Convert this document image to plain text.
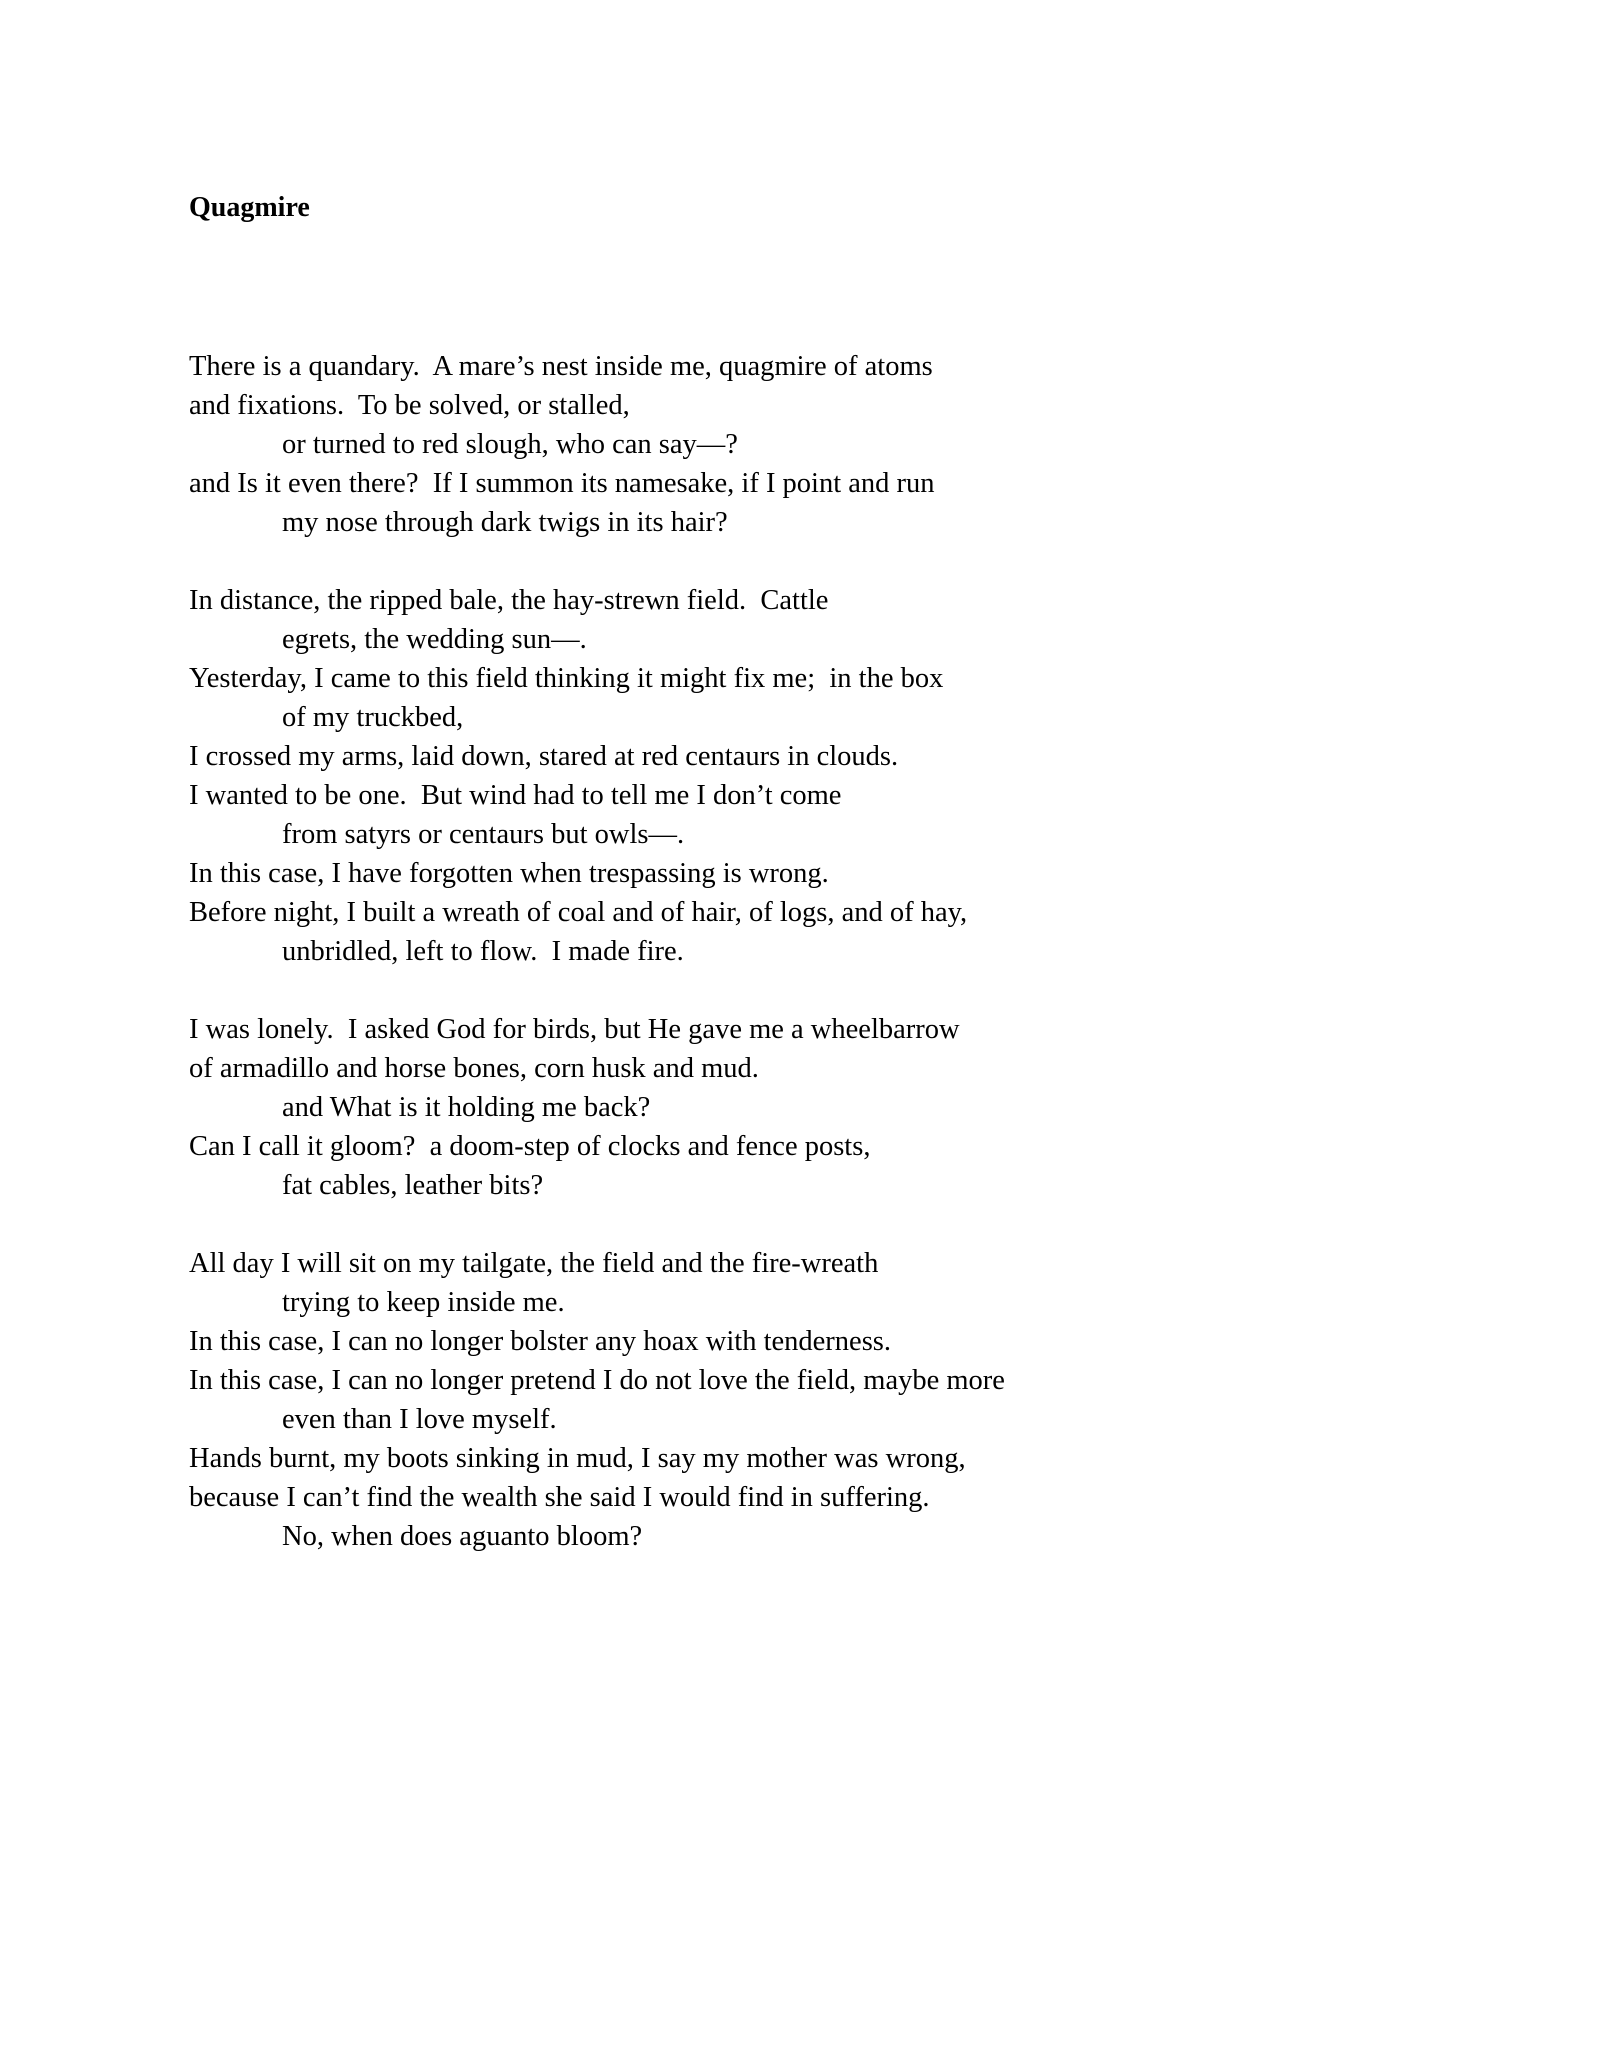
Quagmire
There is a quandary.  A mare’s nest inside me, quagmire of atoms
and fixations.  To be solved, or stalled,
or turned to red slough, who can say—?
and Is it even there?  If I summon its namesake, if I point and run
my nose through dark twigs in its hair?
In distance, the ripped bale, the hay-strewn field.  Cattle
egrets, the wedding sun—.
Yesterday, I came to this field thinking it might fix me;  in the box
of my truckbed,
I crossed my arms, laid down, stared at red centaurs in clouds.
I wanted to be one.  But wind had to tell me I don’t come
from satyrs or centaurs but owls—.
In this case, I have forgotten when trespassing is wrong.
Before night, I built a wreath of coal and of hair, of logs, and of hay,
unbridled, left to flow.  I made fire.
I was lonely.  I asked God for birds, but He gave me a wheelbarrow
of armadillo and horse bones, corn husk and mud.
and What is it holding me back?
Can I call it gloom?  a doom-step of clocks and fence posts,
fat cables, leather bits?
All day I will sit on my tailgate, the field and the fire-wreath
trying to keep inside me.
In this case, I can no longer bolster any hoax with tenderness.
In this case, I can no longer pretend I do not love the field, maybe more
even than I love myself.
Hands burnt, my boots sinking in mud, I say my mother was wrong,
because I can’t find the wealth she said I would find in suffering.
No, when does aguanto bloom?
